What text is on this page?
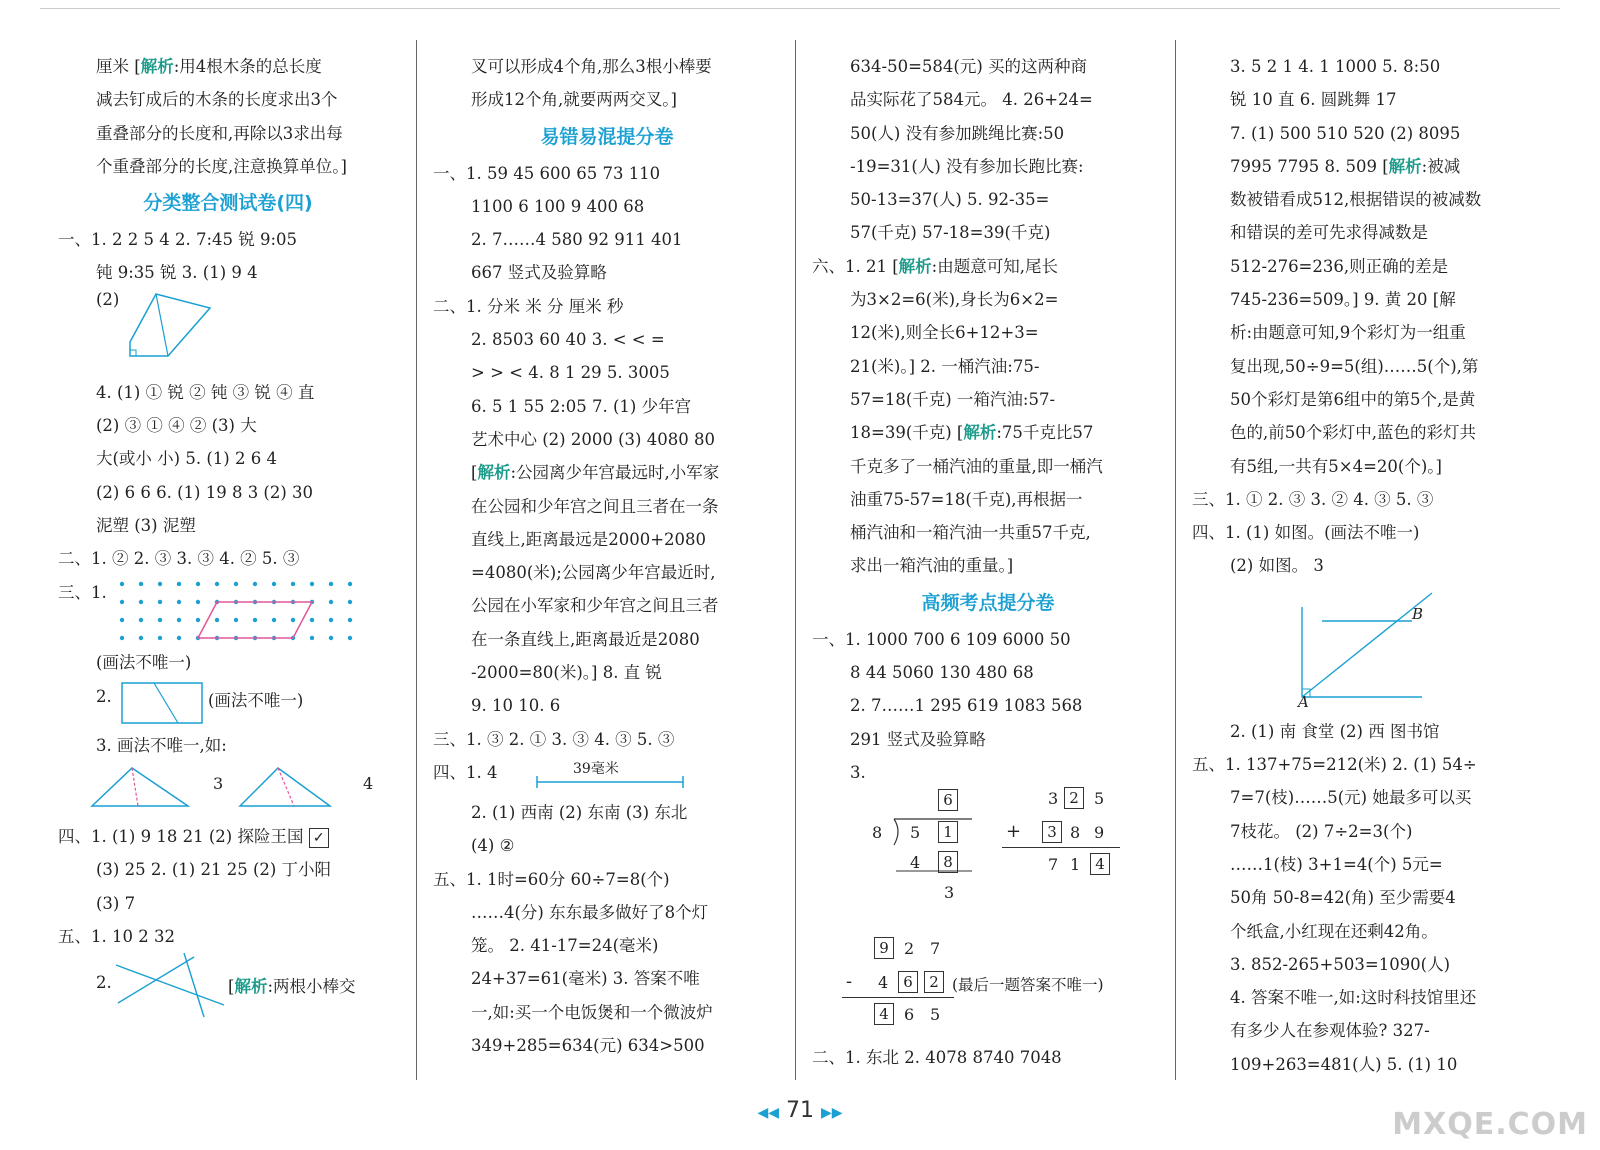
厘米 [解析:用4根木条的总长度
减去钉成后的木条的长度求出3个
重叠部分的长度和,再除以3求出每
个重叠部分的长度,注意换算单位。]
分类整合测试卷(四)
一、1. 2 2 5 4 2. 7:45 锐 9:05
钝 9:35 锐 3. (1) 9 4
(2)
4. (1) ① 锐 ② 钝 ③ 锐 ④ 直
(2) ③ ① ④ ② (3) 大
大(或小 小) 5. (1) 2 6 4
(2) 6 6 6. (1) 19 8 3 (2) 30
泥塑 (3) 泥塑
二、1. ② 2. ③ 3. ③ 4. ② 5. ③
三、1.
(画法不唯一)
2.	(画法不唯一)
3. 画法不唯一,如:
3	4
四、1. (1) 9 18 21 (2) 探险王国 ✓
(3) 25 2. (1) 21 25 (2) 丁小阳
(3) 7
五、1. 10 2 32
2.	[解析:两根小棒交
叉可以形成4个角,那么3根小棒要
形成12个角,就要两两交叉。]
易错易混提分卷
一、1. 59 45 600 65 73 110
1100 6 100 9 400 68
2. 7……4 580 92 911 401
667 竖式及验算略
二、1. 分米 米 分 厘米 秒
2. 8503 60 40 3. < < =
> > < 4. 8 1 29 5. 3005
6. 5 1 55 2:05 7. (1) 少年宫
艺术中心 (2) 2000 (3) 4080 80
[解析:公园离少年宫最远时,小军家
在公园和少年宫之间且三者在一条
直线上,距离最远是2000+2080
=4080(米);公园离少年宫最近时,
公园在小军家和少年宫之间且三者
在一条直线上,距离最近是2080
-2000=80(米)。] 8. 直 锐
9. 10 10. 6
三、1. ③ 2. ① 3. ③ 4. ③ 5. ③
四、1. 4	39毫米
2. (1) 西南 (2) 东南 (3) 东北
(4) ②
五、1. 1时=60分 60÷7=8(个)
……4(分) 东东最多做好了8个灯
笼。 2. 41-17=24(毫米)
24+37=61(毫米) 3. 答案不唯
一,如:买一个电饭煲和一个微波炉
349+285=634(元) 634>500
634-50=584(元) 买的这两种商
品实际花了584元。 4. 26+24=
50(人) 没有参加跳绳比赛:50
-19=31(人) 没有参加长跑比赛:
50-13=37(人) 5. 92-35=
57(千克) 57-18=39(千克)
六、1. 21 [解析:由题意可知,尾长
为3×2=6(米),身长为6×2=
12(米),则全长6+12+3=
21(米)。] 2. 一桶汽油:75-
57=18(千克) 一箱汽油:57-
18=39(千克) [解析:75千克比57
千克多了一桶汽油的重量,即一桶汽
油重75-57=18(千克),再根据一
桶汽油和一箱汽油一共重57千克,
求出一箱汽油的重量。]
高频考点提分卷
一、1. 1000 700 6 109 6000 50
8 44 5060 130 480 68
2. 7……1 295 619 1083 568
291 竖式及验算略
3.
6
8 5	1
4	8
3
3 2 5
+	3 8 9
7 1	4
9 2 7
- 4	6	2 (最后一题答案不唯一)
4 6 5
二、1. 东北 2. 4078 8740 7048
3. 5 2 1 4. 1 1000 5. 8:50
锐 10 直 6. 圆跳舞 17
7. (1) 500 510 520 (2) 8095
7995 7795 8. 509 [解析:被减
数被错看成512,根据错误的被减数
和错误的差可先求得减数是
512-276=236,则正确的差是
745-236=509。] 9. 黄 20 [解
析:由题意可知,9个彩灯为一组重
复出现,50÷9=5(组)……5(个),第
50个彩灯是第6组中的第5个,是黄
色的,前50个彩灯中,蓝色的彩灯共
有5组,一共有5×4=20(个)。]
三、1. ① 2. ③ 3. ② 4. ③ 5. ③
四、1. (1) 如图。(画法不唯一)
(2) 如图。 3
B
A
2. (1) 南 食堂 (2) 西 图书馆
五、1. 137+75=212(米) 2. (1) 54÷
7=7(枝)……5(元) 她最多可以买
7枝花。 (2) 7÷2=3(个)
……1(枝) 3+1=4(个) 5元=
50角 50-8=42(角) 至少需要4
个纸盒,小红现在还剩42角。
3. 852-265+503=1090(人)
4. 答案不唯一,如:这时科技馆里还
有多少人在参观体验? 327-
109+263=481(人) 5. (1) 10
◀◀ 71 ▶▶	MXQE.COM
